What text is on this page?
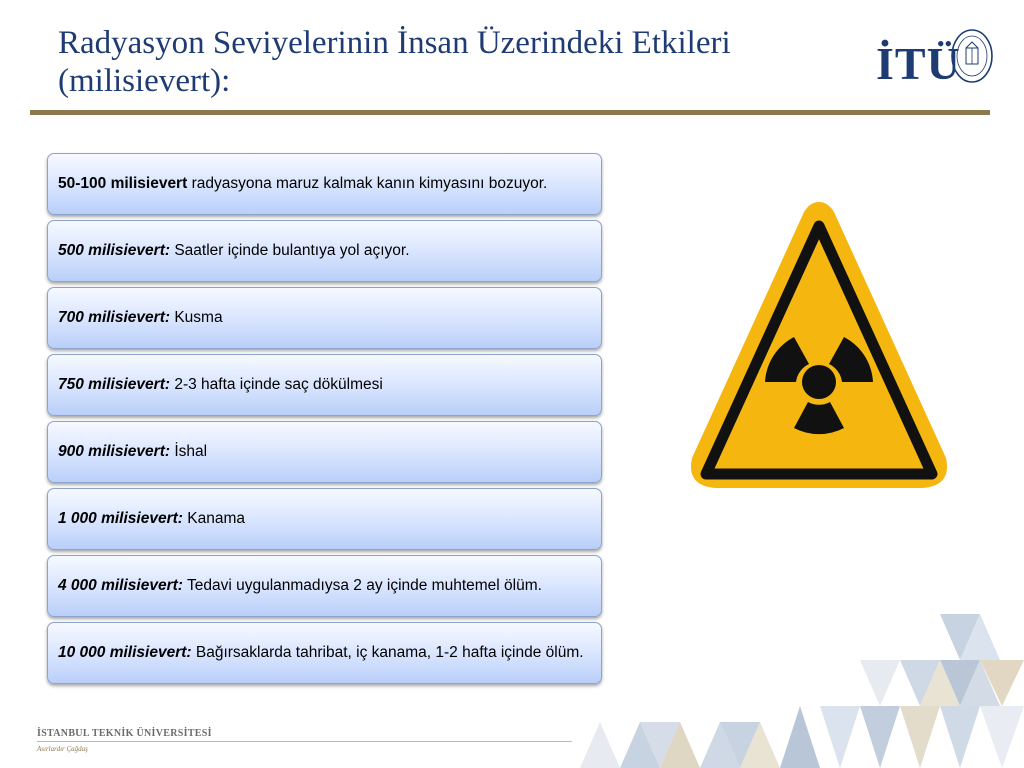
Radyasyon Seviyelerinin İnsan Üzerindeki Etkileri
(milisievert):	İTÜ
50-100 milisievert radyasyona maruz kalmak kanın kimyasını bozuyor.
500 milisievert: Saatler içinde bulantıya yol açıyor.
700 milisievert: Kusma
750 milisievert: 2-3 hafta içinde saç dökülmesi
900 milisievert: İshal
1 000 milisievert: Kanama
4 000 milisievert: Tedavi uygulanmadıysa 2 ay içinde muhtemel ölüm.
10 000 milisievert: Bağırsaklarda tahribat, iç kanama, 1-2 hafta içinde ölüm.
İSTANBUL TEKNİK ÜNİVERSİTESİ
Asırlardır Çağdaş
